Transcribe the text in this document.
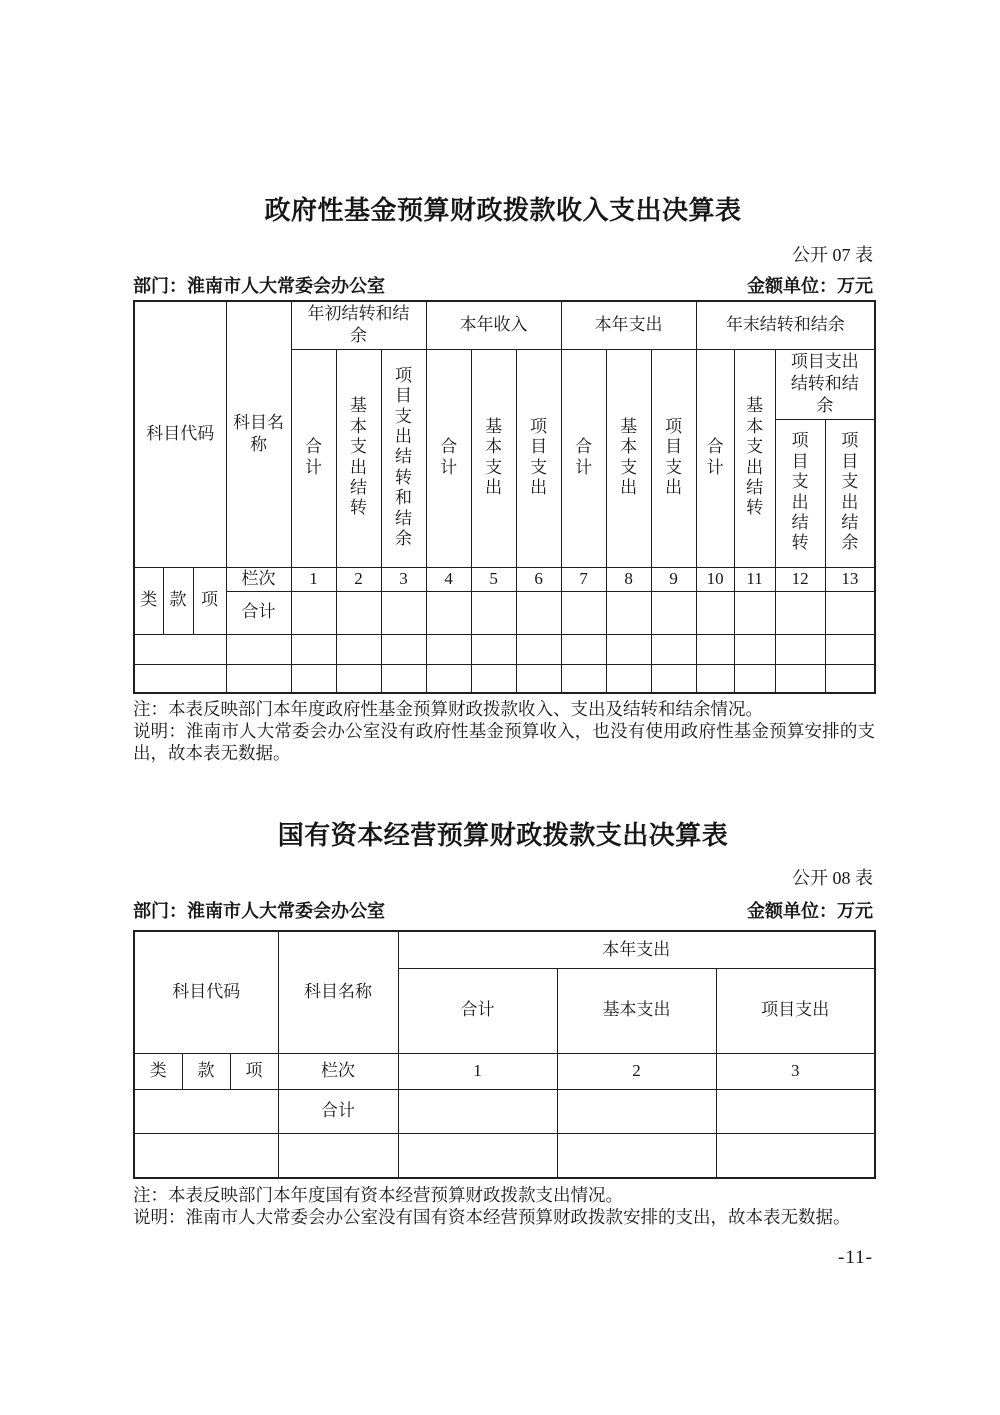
政府性基金预算财政拨款收入支出决算表
公开 07 表
部门：淮南市人大常委会办公室	金额单位：万元
科目代码			科目名称	年初结转和结余			本年收入			本年支出			年末结转和结余			
				合计	基本支出结转	项目支出结转和结余	合计	基本支出	项目支出	合计	基本支出	项目支出	合计	基本支出结转	项目支出结转和结余	
															项目支出结转	项目支出结余
类	款	项	栏次	1	2	3	4	5	6	7	8	9	10	11	12	13
			合计													

注：本表反映部门本年度政府性基金预算财政拨款收入、支出及结转和结余情况。

说明：淮南市人大常委会办公室没有政府性基金预算收入，也没有使用政府性基金预算安排的支出，故本表无数据。

国有资本经营预算财政拨款支出决算表
公开 08 表
部门：淮南市人大常委会办公室	金额单位：万元
科目代码			科目名称	本年支出		
				合计	基本支出	项目支出
类	款	项	栏次	1	2	3
			合计			

注：本表反映部门本年度国有资本经营预算财政拨款支出情况。

说明：淮南市人大常委会办公室没有国有资本经营预算财政拨款安排的支出，故本表无数据。

-11-
